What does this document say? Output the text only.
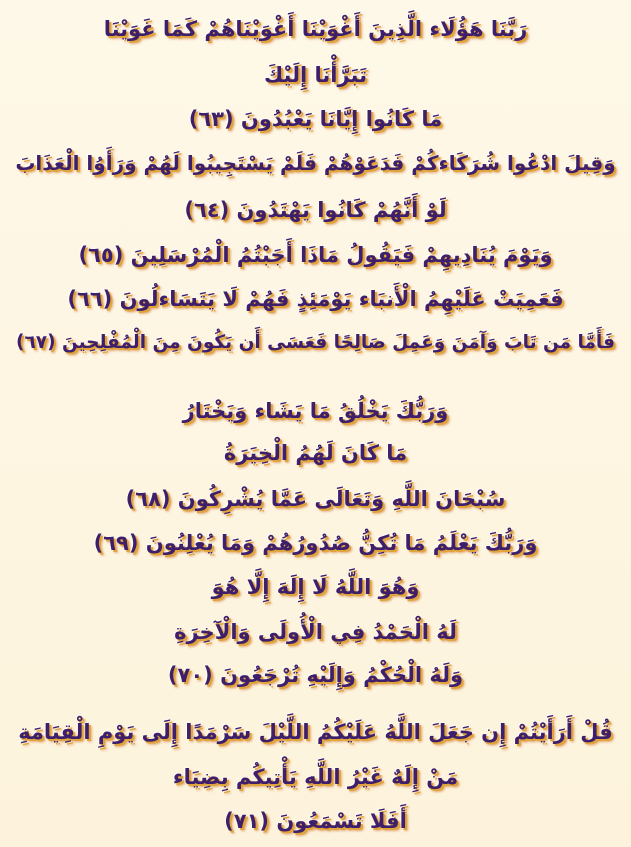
رَبَّنَا هَؤُلَاء الَّذِينَ أَغْوَيْنَا أَغْوَيْنَاهُمْ كَمَا غَوَيْنَا
تَبَرَّأْنَا إِلَيْكَ
مَا كَانُوا إِيَّانَا يَعْبُدُونَ (٦٣)
وَقِيلَ ادْعُوا شُرَكَاءكُمْ فَدَعَوْهُمْ فَلَمْ يَسْتَجِيبُوا لَهُمْ وَرَأَوُا الْعَذَابَ
لَوْ أَنَّهُمْ كَانُوا يَهْتَدُونَ (٦٤)
وَيَوْمَ يُنَادِيهِمْ فَيَقُولُ مَاذَا أَجَبْتُمُ الْمُرْسَلِينَ (٦٥)
فَعَمِيَتْ عَلَيْهِمُ الْأَنبَاء يَوْمَئِذٍ فَهُمْ لَا يَتَسَاءلُونَ (٦٦)
فَأَمَّا مَن تَابَ وَآمَنَ وَعَمِلَ صَالِحًا فَعَسَى أَن يَكُونَ مِنَ الْمُفْلِحِينَ (٦٧)
وَرَبُّكَ يَخْلُقُ مَا يَشَاء وَيَخْتَارُ
مَا كَانَ لَهُمُ الْخِيَرَةُ
سُبْحَانَ اللَّهِ وَتَعَالَى عَمَّا يُشْرِكُونَ (٦٨)
وَرَبُّكَ يَعْلَمُ مَا تُكِنُّ صُدُورُهُمْ وَمَا يُعْلِنُونَ (٦٩)
وَهُوَ اللَّهُ لَا إِلَهَ إِلَّا هُوَ
لَهُ الْحَمْدُ فِي الْأُولَى وَالْآخِرَةِ
وَلَهُ الْحُكْمُ وَإِلَيْهِ تُرْجَعُونَ (٧٠)
قُلْ أَرَأَيْتُمْ إِن جَعَلَ اللَّهُ عَلَيْكُمُ اللَّيْلَ سَرْمَدًا إِلَى يَوْمِ الْقِيَامَةِ
مَنْ إِلَهٌ غَيْرُ اللَّهِ يَأْتِيكُم بِضِيَاء
أَفَلَا تَسْمَعُونَ (٧١)
